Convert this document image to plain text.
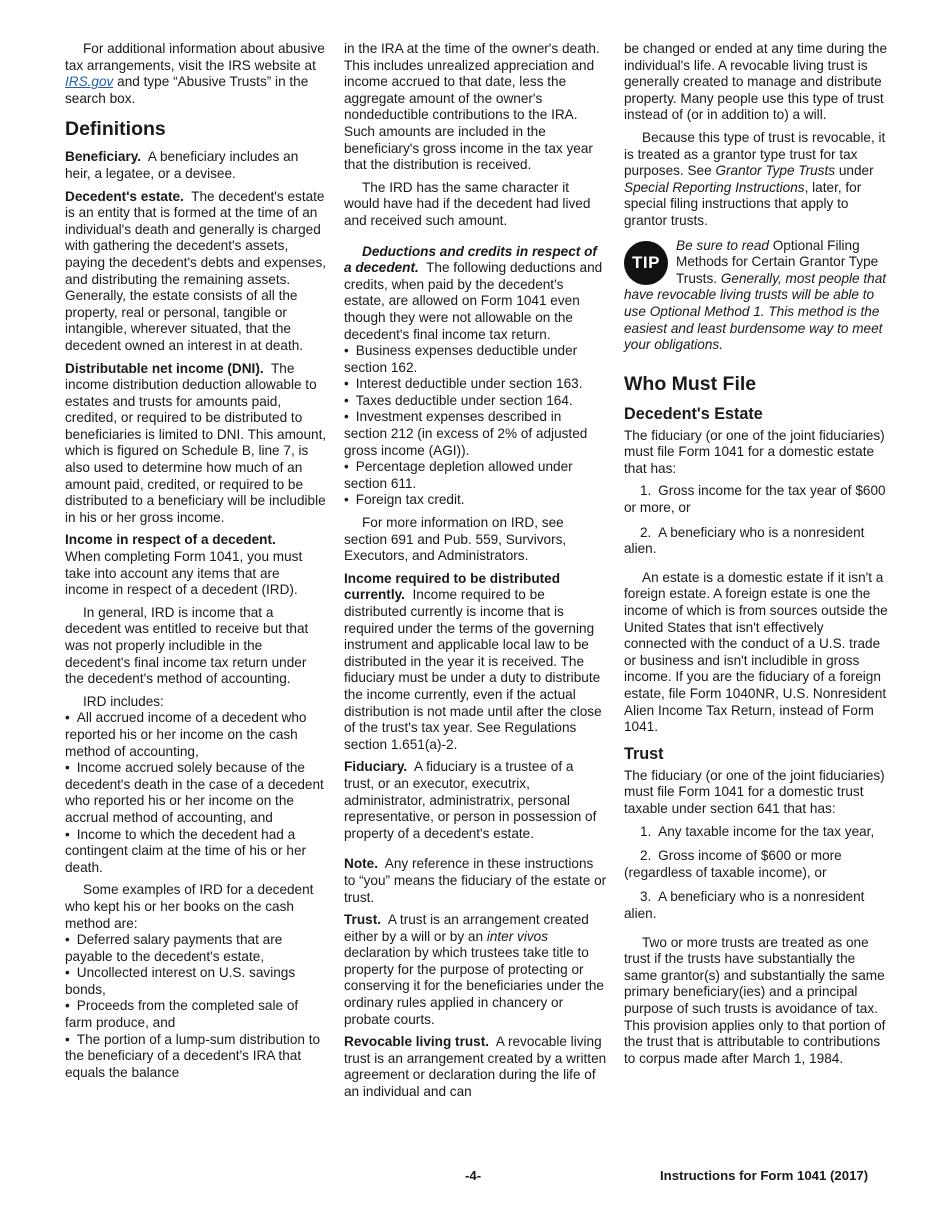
For additional information about abusive tax arrangements, visit the IRS website at IRS.gov and type “Abusive Trusts” in the search box.

Definitions

Beneficiary. A beneficiary includes an heir, a legatee, or a devisee.

Decedent's estate. The decedent's estate is an entity that is formed at the time of an individual's death and generally is charged with gathering the decedent's assets, paying the decedent's debts and expenses, and distributing the remaining assets. Generally, the estate consists of all the property, real or personal, tangible or intangible, wherever situated, that the decedent owned an interest in at death.

Distributable net income (DNI). The income distribution deduction allowable to estates and trusts for amounts paid, credited, or required to be distributed to beneficiaries is limited to DNI. This amount, which is figured on Schedule B, line 7, is also used to determine how much of an amount paid, credited, or required to be distributed to a beneficiary will be includible in his or her gross income.

Income in respect of a decedent.
When completing Form 1041, you must take into account any items that are income in respect of a decedent (IRD).

In general, IRD is income that a decedent was entitled to receive but that was not properly includible in the decedent's final income tax return under the decedent's method of accounting.

IRD includes:

• All accrued income of a decedent who reported his or her income on the cash method of accounting,
• Income accrued solely because of the decedent's death in the case of a decedent who reported his or her income on the accrual method of accounting, and
• Income to which the decedent had a contingent claim at the time of his or her death.

Some examples of IRD for a decedent who kept his or her books on the cash method are:

• Deferred salary payments that are payable to the decedent's estate,
• Uncollected interest on U.S. savings bonds,
• Proceeds from the completed sale of farm produce, and
• The portion of a lump-sum distribution to the beneficiary of a decedent's IRA that equals the balance

in the IRA at the time of the owner's death. This includes unrealized appreciation and income accrued to that date, less the aggregate amount of the owner's nondeductible contributions to the IRA. Such amounts are included in the beneficiary's gross income in the tax year that the distribution is received.

The IRD has the same character it would have had if the decedent had lived and received such amount.

Deductions and credits in respect of a decedent. The following deductions and credits, when paid by the decedent's estate, are allowed on Form 1041 even though they were not allowable on the decedent's final income tax return.

• Business expenses deductible under section 162.
• Interest deductible under section 163.
• Taxes deductible under section 164.
• Investment expenses described in section 212 (in excess of 2% of adjusted gross income (AGI)).
• Percentage depletion allowed under section 611.
• Foreign tax credit.

For more information on IRD, see section 691 and Pub. 559, Survivors, Executors, and Administrators.

Income required to be distributed currently. Income required to be distributed currently is income that is required under the terms of the governing instrument and applicable local law to be distributed in the year it is received. The fiduciary must be under a duty to distribute the income currently, even if the actual distribution is not made until after the close of the trust's tax year. See Regulations section 1.651(a)-2.

Fiduciary. A fiduciary is a trustee of a trust, or an executor, executrix, administrator, administratrix, personal representative, or person in possession of property of a decedent's estate.

Note. Any reference in these instructions to “you” means the fiduciary of the estate or trust.

Trust. A trust is an arrangement created either by a will or by an inter vivos declaration by which trustees take title to property for the purpose of protecting or conserving it for the beneficiaries under the ordinary rules applied in chancery or probate courts.

Revocable living trust. A revocable living trust is an arrangement created by a written agreement or declaration during the life of an individual and can

be changed or ended at any time during the individual's life. A revocable living trust is generally created to manage and distribute property. Many people use this type of trust instead of (or in addition to) a will.

Because this type of trust is revocable, it is treated as a grantor type trust for tax purposes. See Grantor Type Trusts under Special Reporting Instructions, later, for special filing instructions that apply to grantor trusts.

TIP
Be sure to read Optional Filing Methods for Certain Grantor Type Trusts. Generally, most people that have revocable living trusts will be able to use Optional Method 1. This method is the easiest and least burdensome way to meet your obligations.
Who Must File
Decedent's Estate

The fiduciary (or one of the joint fiduciaries) must file Form 1041 for a domestic estate that has:

1. Gross income for the tax year of $600 or more, or

2. A beneficiary who is a nonresident alien.

An estate is a domestic estate if it isn't a foreign estate. A foreign estate is one the income of which is from sources outside the United States that isn't effectively connected with the conduct of a U.S. trade or business and isn't includible in gross income. If you are the fiduciary of a foreign estate, file Form 1040NR, U.S. Nonresident Alien Income Tax Return, instead of Form 1041.

Trust

The fiduciary (or one of the joint fiduciaries) must file Form 1041 for a domestic trust taxable under section 641 that has:

1. Any taxable income for the tax year,

2. Gross income of $600 or more (regardless of taxable income), or

3. A beneficiary who is a nonresident alien.

Two or more trusts are treated as one trust if the trusts have substantially the same grantor(s) and substantially the same primary beneficiary(ies) and a principal purpose of such trusts is avoidance of tax. This provision applies only to that portion of the trust that is attributable to contributions to corpus made after March 1, 1984.

-4-	Instructions for Form 1041 (2017)
